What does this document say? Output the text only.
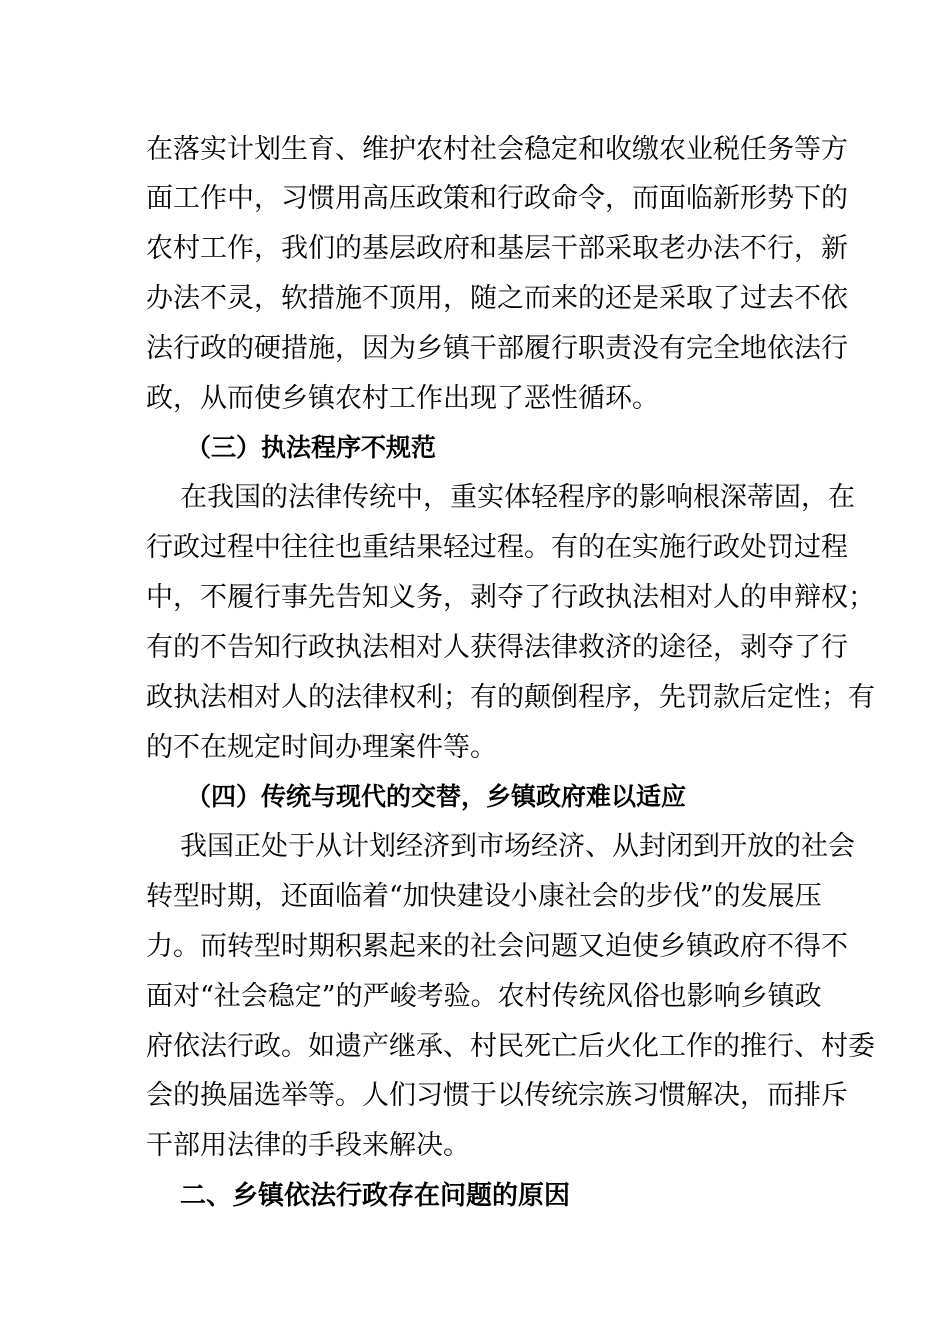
在落实计划生育、维护农村社会稳定和收缴农业税任务等方
面工作中，习惯用高压政策和行政命令，而面临新形势下的
农村工作，我们的基层政府和基层干部采取老办法不行，新
办法不灵，软措施不顶用，随之而来的还是采取了过去不依
法行政的硬措施，因为乡镇干部履行职责没有完全地依法行
政，从而使乡镇农村工作出现了恶性循环。
（三）执法程序不规范
在我国的法律传统中，重实体轻程序的影响根深蒂固，在
行政过程中往往也重结果轻过程。有的在实施行政处罚过程
中，不履行事先告知义务，剥夺了行政执法相对人的申辩权；
有的不告知行政执法相对人获得法律救济的途径，剥夺了行
政执法相对人的法律权利；有的颠倒程序，先罚款后定性；有
的不在规定时间办理案件等。
（四）传统与现代的交替，乡镇政府难以适应
我国正处于从计划经济到市场经济、从封闭到开放的社会
转型时期，还面临着“加快建设小康社会的步伐”的发展压
力。而转型时期积累起来的社会问题又迫使乡镇政府不得不
面对“社会稳定”的严峻考验。农村传统风俗也影响乡镇政
府依法行政。如遗产继承、村民死亡后火化工作的推行、村委
会的换届选举等。人们习惯于以传统宗族习惯解决，而排斥
干部用法律的手段来解决。
二、乡镇依法行政存在问题的原因
